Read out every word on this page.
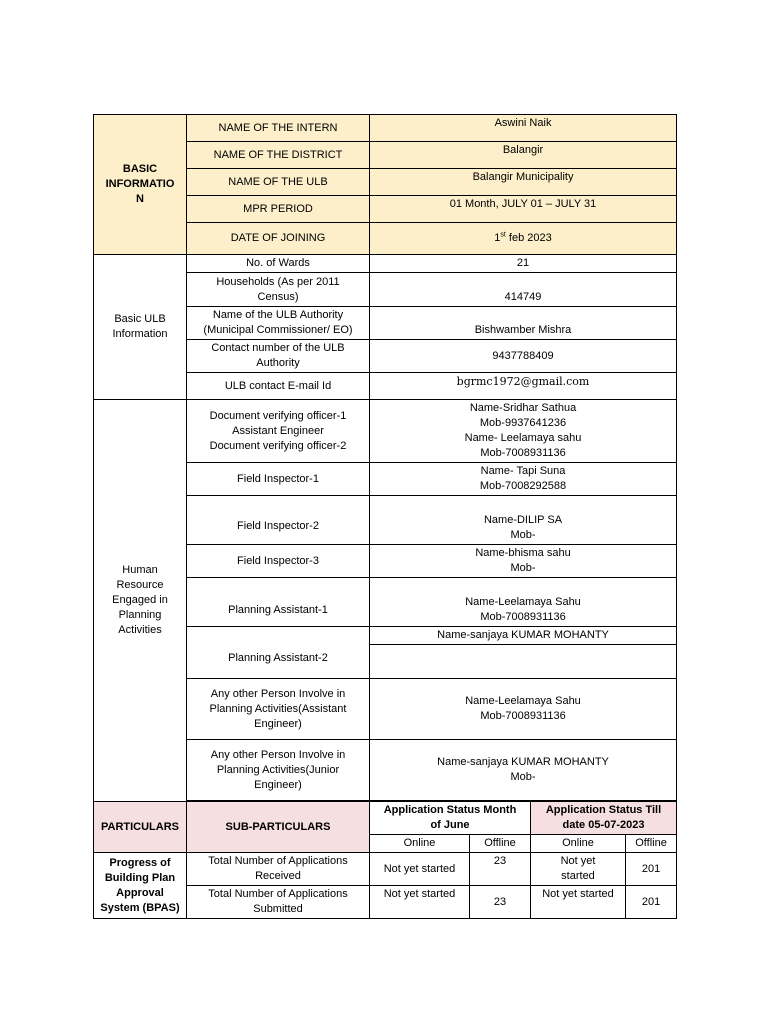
BASIC
INFORMATIO
N	NAME OF THE INTERN	Aswini Naik			
	NAME OF THE DISTRICT	Balangir			
	NAME OF THE ULB	Balangir Municipality			
	MPR PERIOD	01 Month, JULY 01 – JULY 31			
	DATE OF JOINING	1st feb 2023			
Basic ULB
Information	No. of Wards	21			
	Households (As per 2011
Census)	414749			
	Name of the ULB Authority
(Municipal Commissioner/ EO)	Bishwamber Mishra			
	Contact number of the ULB
Authority	9437788409			
	ULB contact E-mail Id	bgrmc1972@gmail.com			
Human
Resource
Engaged in
Planning
Activities	Document verifying officer-1
Assistant Engineer
Document verifying officer-2	Name-Sridhar Sathua
Mob-9937641236
Name- Leelamaya sahu
Mob-7008931136			
	Field Inspector-1	Name- Tapi Suna
Mob-7008292588			
	Field Inspector-2	Name-DILIP SA
Mob-			
	Field Inspector-3	Name-bhisma sahu
Mob-			
	Planning Assistant-1	Name-Leelamaya Sahu
Mob-7008931136			
	Planning Assistant-2	Name-sanjaya KUMAR MOHANTY			

	Any other Person Involve in
Planning Activities(Assistant
Engineer)	Name-Leelamaya Sahu
Mob-7008931136			
	Any other Person Involve in
Planning Activities(Junior
Engineer)	Name-sanjaya KUMAR MOHANTY
Mob-			

PARTICULARS	SUB-PARTICULARS	Application Status Month
of June		Application Status Till
date 05-07-2023	
		Online	Offline	Online	Offline
Progress of
Building Plan
Approval
System (BPAS)	Total Number of Applications
Received	Not yet started	23	Not yet
started	201
	Total Number of Applications
Submitted	Not yet started	23	Not yet started	201
